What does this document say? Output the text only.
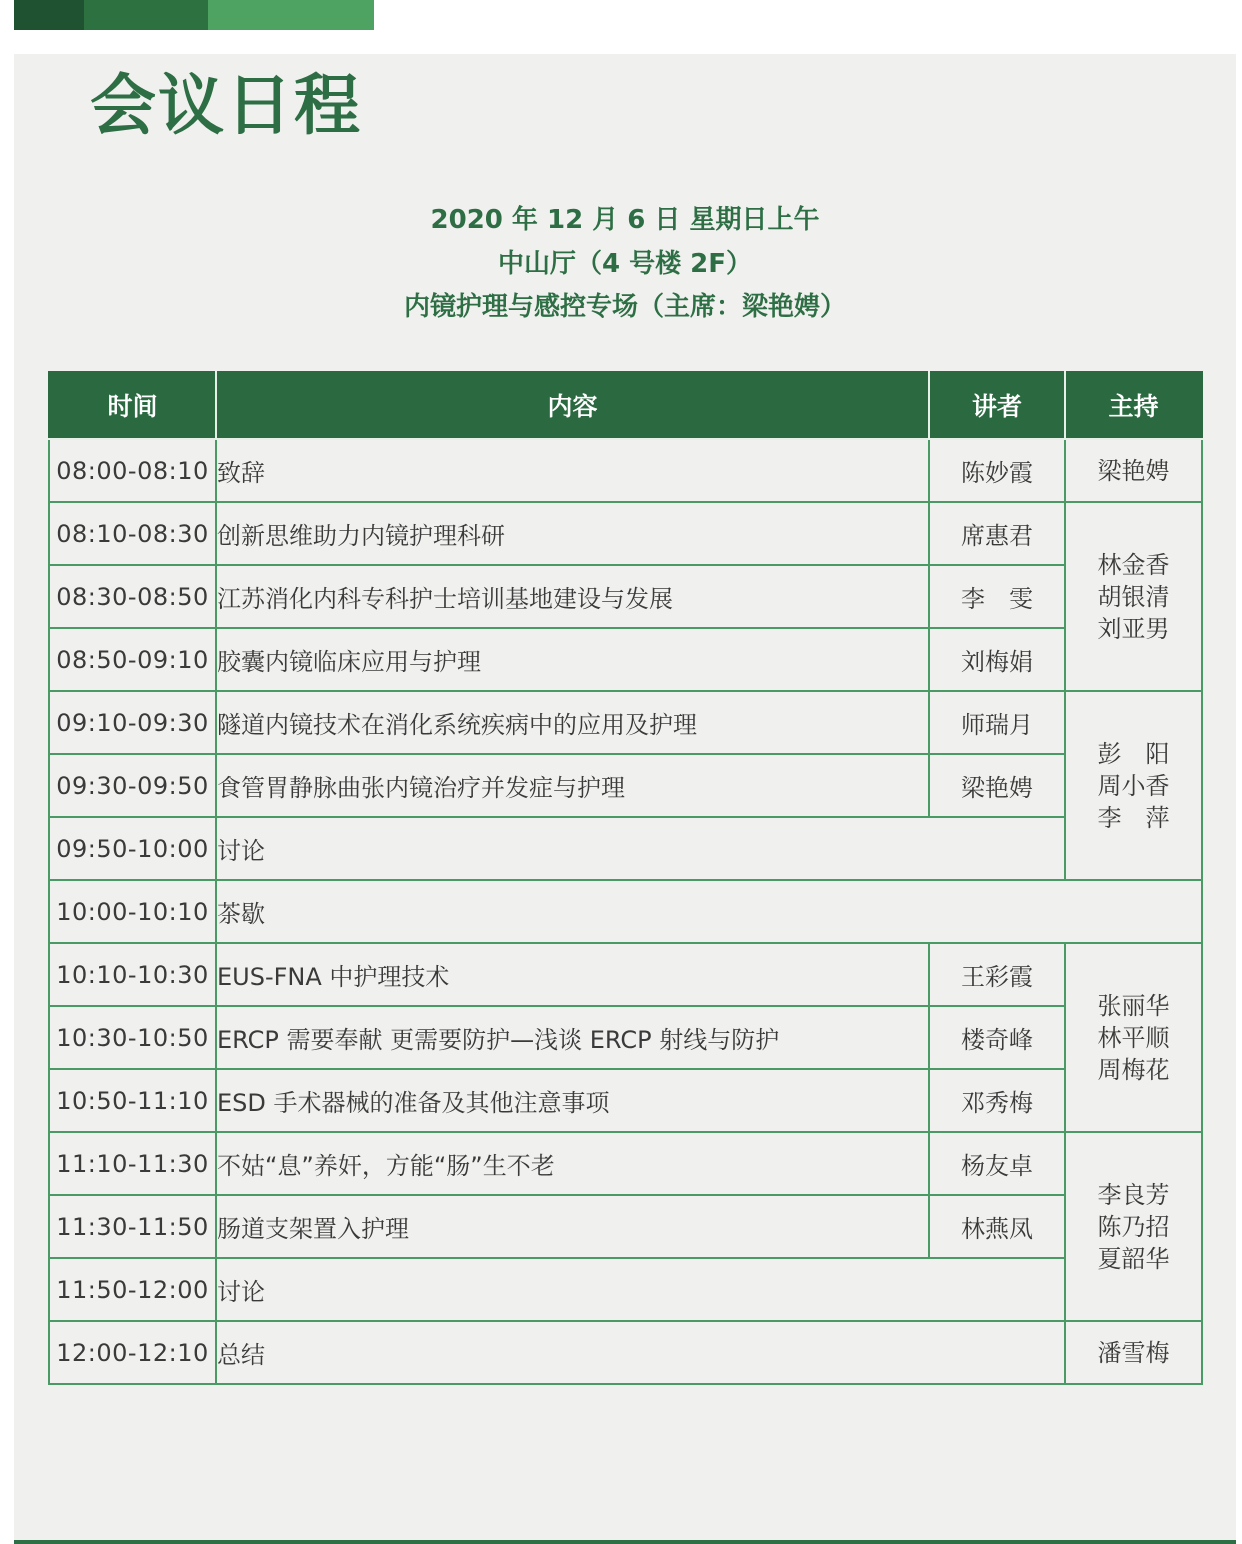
会议日程
2020 年 12 月 6 日 星期日上午
中山厅（4 号楼 2F）
内镜护理与感控专场（主席：梁艳娉）
时间	内容	讲者	主持
08:00-08:10	致辞	陈妙霞	梁艳娉

08:10-08:30	创新思维助力内镜护理科研	席惠君	林金香
胡银清
刘亚男

08:30-08:50	江苏消化内科专科护士培训基地建设与发展	李　雯	
08:50-09:10	胶囊内镜临床应用与护理	刘梅娟	
09:10-09:30	隧道内镜技术在消化系统疾病中的应用及护理	师瑞月	彭　阳
周小香
李　萍

09:30-09:50	食管胃静脉曲张内镜治疗并发症与护理	梁艳娉	
09:50-10:00	讨论		
10:00-10:10	茶歇		
10:10-10:30	EUS-FNA 中护理技术	王彩霞	张丽华
林平顺
周梅花

10:30-10:50	ERCP 需要奉献 更需要防护—浅谈 ERCP 射线与防护	楼奇峰	
10:50-11:10	ESD 手术器械的准备及其他注意事项	邓秀梅	
11:10-11:30	不姑“息”养奸，方能“肠”生不老	杨友卓	李良芳
陈乃招
夏韶华

11:30-11:50	肠道支架置入护理	林燕凤	
11:50-12:00	讨论		
12:00-12:10	总结		潘雪梅
